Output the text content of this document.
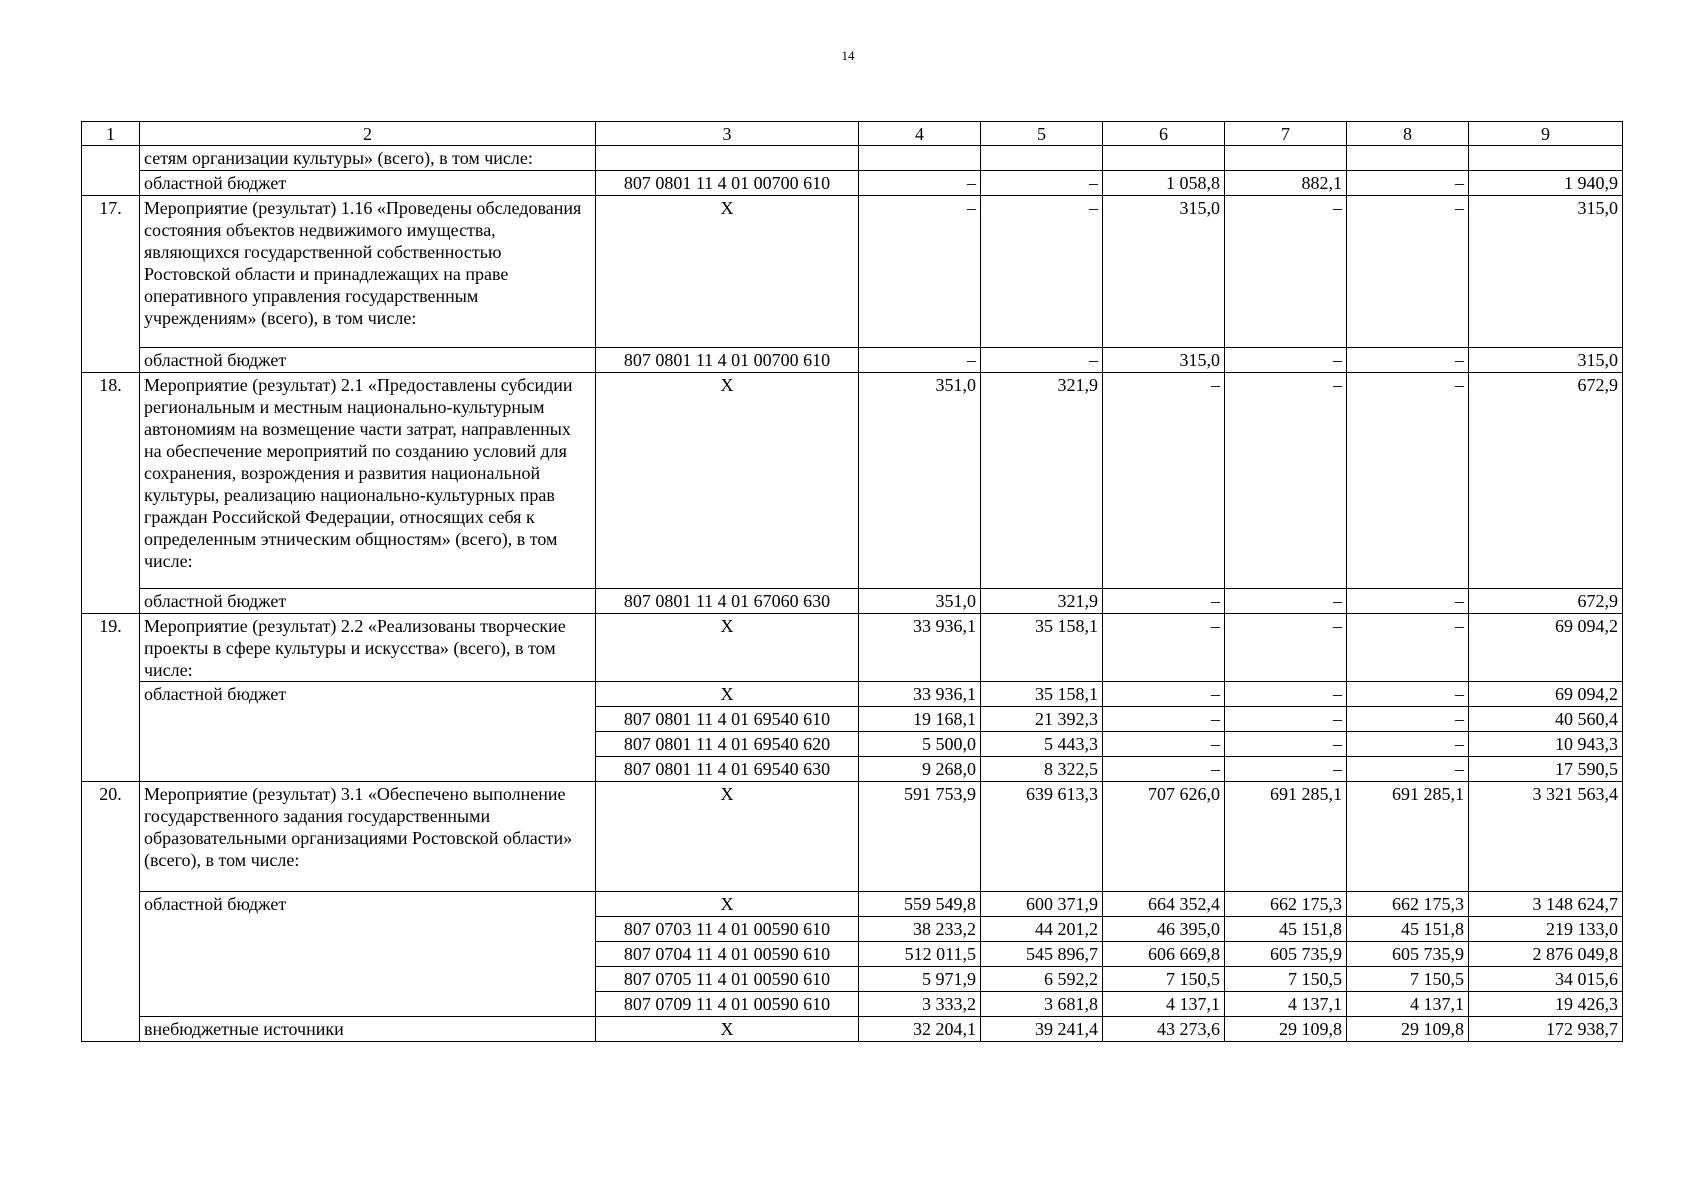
14
1	2	3	4	5	6	7	8	9
	сетям организации культуры» (всего), в том числе:							
	областной бюджет	807 0801 11 4 01 00700 610	–	–	1 058,8	882,1	–	1 940,9
17.	Мероприятие (результат) 1.16 «Проведены обследования состояния объектов недвижимого имущества, являющихся государственной собственностью Ростовской области и принадлежащих на праве оперативного управления государственным учреждениям» (всего), в том числе:	Х	–	–	315,0	–	–	315,0
	областной бюджет	807 0801 11 4 01 00700 610	–	–	315,0	–	–	315,0
18.	Мероприятие (результат) 2.1 «Предоставлены субсидии региональным и местным национально-культурным автономиям на возмещение части затрат, направленных на обеспечение мероприятий по созданию условий для сохранения, возрождения и развития национальной культуры, реализацию национально-культурных прав граждан Российской Федерации, относящих себя к определенным этническим общностям» (всего), в том числе:	Х	351,0	321,9	–	–	–	672,9
	областной бюджет	807 0801 11 4 01 67060 630	351,0	321,9	–	–	–	672,9
19.	Мероприятие (результат) 2.2 «Реализованы творческие проекты в сфере культуры и искусства» (всего), в том числе:	Х	33 936,1	35 158,1	–	–	–	69 094,2
	областной бюджет	Х	33 936,1	35 158,1	–	–	–	69 094,2
		807 0801 11 4 01 69540 610	19 168,1	21 392,3	–	–	–	40 560,4
		807 0801 11 4 01 69540 620	5 500,0	5 443,3	–	–	–	10 943,3
		807 0801 11 4 01 69540 630	9 268,0	8 322,5	–	–	–	17 590,5
20.	Мероприятие (результат) 3.1 «Обеспечено выполнение государственного задания государственными образовательными организациями Ростовской области» (всего), в том числе:	Х	591 753,9	639 613,3	707 626,0	691 285,1	691 285,1	3 321 563,4
	областной бюджет	Х	559 549,8	600 371,9	664 352,4	662 175,3	662 175,3	3 148 624,7
		807 0703 11 4 01 00590 610	38 233,2	44 201,2	46 395,0	45 151,8	45 151,8	219 133,0
		807 0704 11 4 01 00590 610	512 011,5	545 896,7	606 669,8	605 735,9	605 735,9	2 876 049,8
		807 0705 11 4 01 00590 610	5 971,9	6 592,2	7 150,5	7 150,5	7 150,5	34 015,6
		807 0709 11 4 01 00590 610	3 333,2	3 681,8	4 137,1	4 137,1	4 137,1	19 426,3
	внебюджетные источники	Х	32 204,1	39 241,4	43 273,6	29 109,8	29 109,8	172 938,7
